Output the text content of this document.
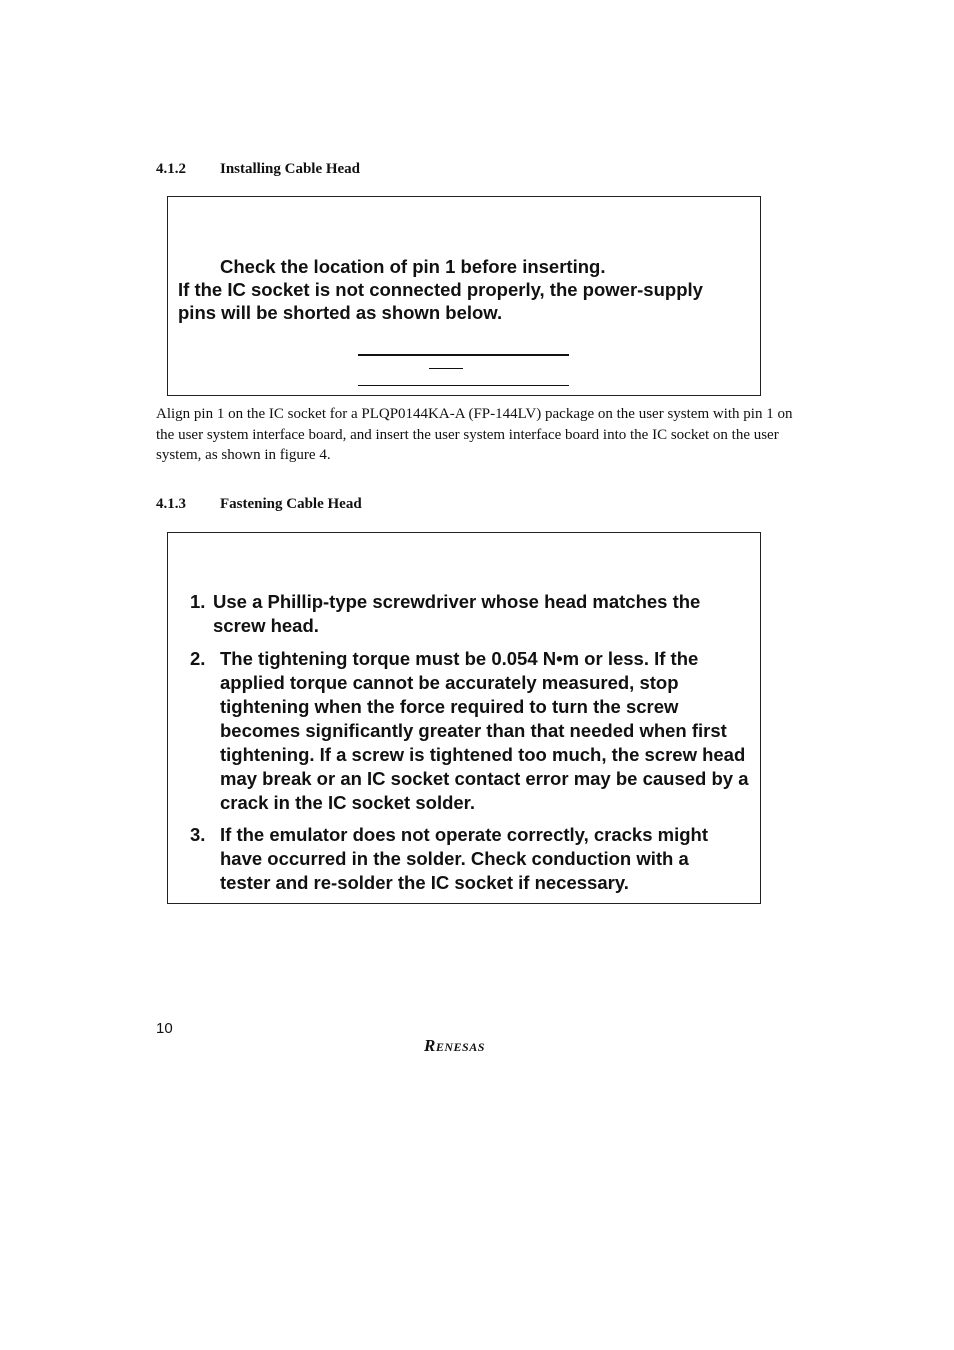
4.1.2 Installing Cable Head
Check the location of pin 1 before inserting.
If the IC socket is not connected properly, the power-supply
pins will be shorted as shown below.
Align pin 1 on the IC socket for a PLQP0144KA-A (FP-144LV) package on the user system with pin 1 on the user system interface board, and insert the user system interface board into the IC socket on the user system, as shown in figure 4.
4.1.3 Fastening Cable Head
1. Use a Phillip-type screwdriver whose head matches the screw head.
2. The tightening torque must be 0.054 N•m or less. If the applied torque cannot be accurately measured, stop tightening when the force required to turn the screw becomes significantly greater than that needed when first tightening. If a screw is tightened too much, the screw head may break or an IC socket contact error may be caused by a crack in the IC socket solder.
3. If the emulator does not operate correctly, cracks might have occurred in the solder. Check conduction with a tester and re-solder the IC socket if necessary.
10
RENESAS
